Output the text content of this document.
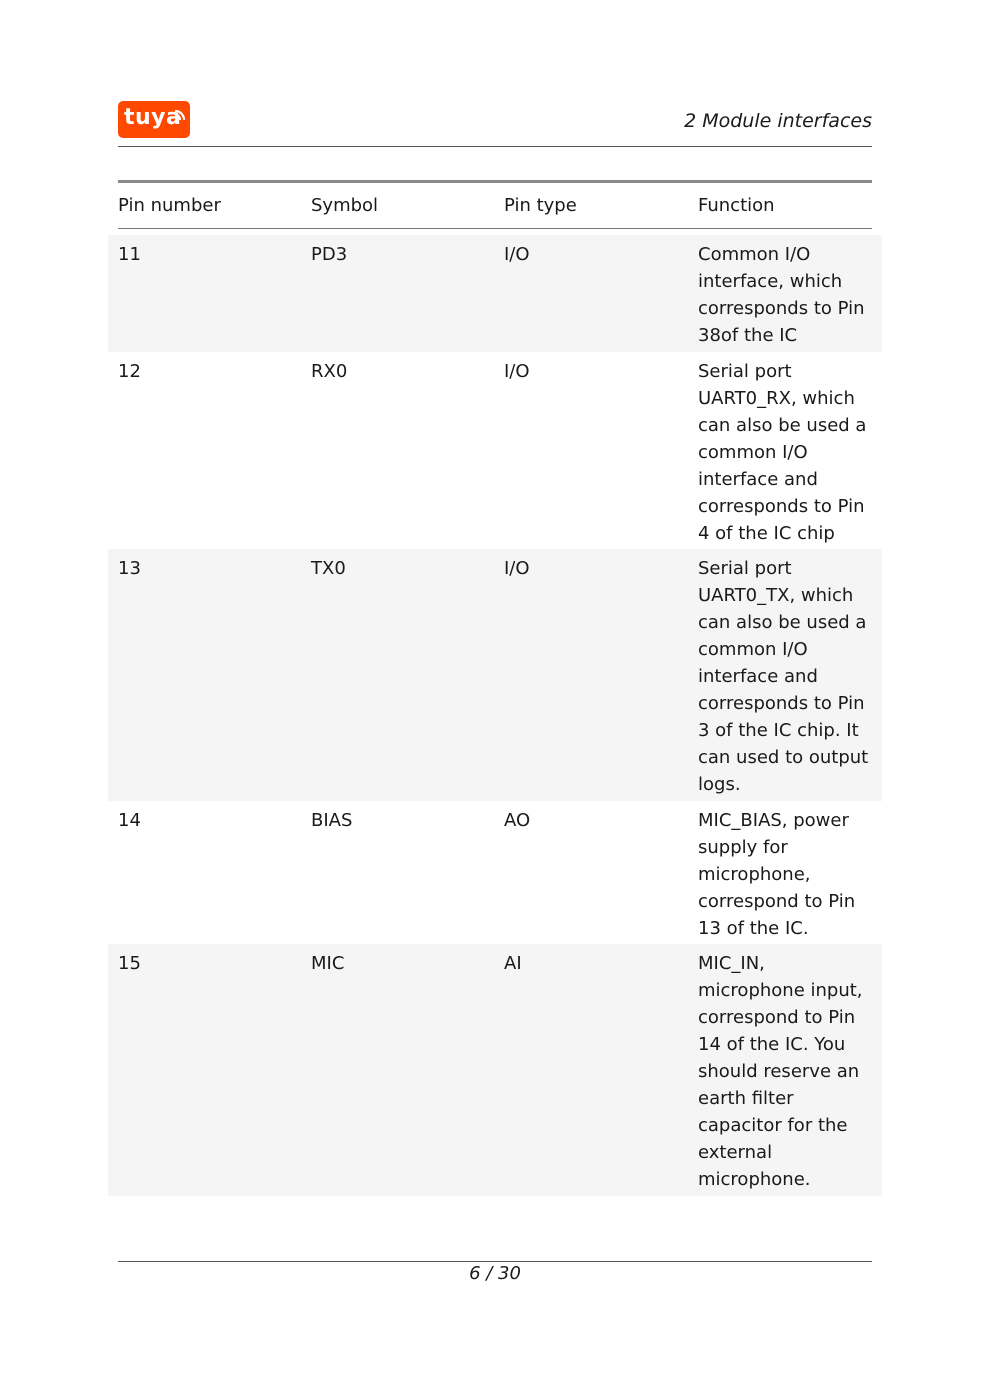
tuya	2 Module interfaces
Pin number	Symbol	Pin type	Function
11	PD3	I/O	Common I/O
interface, which
corresponds to Pin
38of the IC
12	RX0	I/O	Serial port
UART0_RX, which
can also be used a
common I/O
interface and
corresponds to Pin
4 of the IC chip
13	TX0	I/O	Serial port
UART0_TX, which
can also be used a
common I/O
interface and
corresponds to Pin
3 of the IC chip. It
can used to output
logs.
14	BIAS	AO	MIC_BIAS, power
supply for
microphone,
correspond to Pin
13 of the IC.
15	MIC	AI	MIC_IN,
microphone input,
correspond to Pin
14 of the IC. You
should reserve an
earth filter
capacitor for the
external
microphone.
6 / 30
